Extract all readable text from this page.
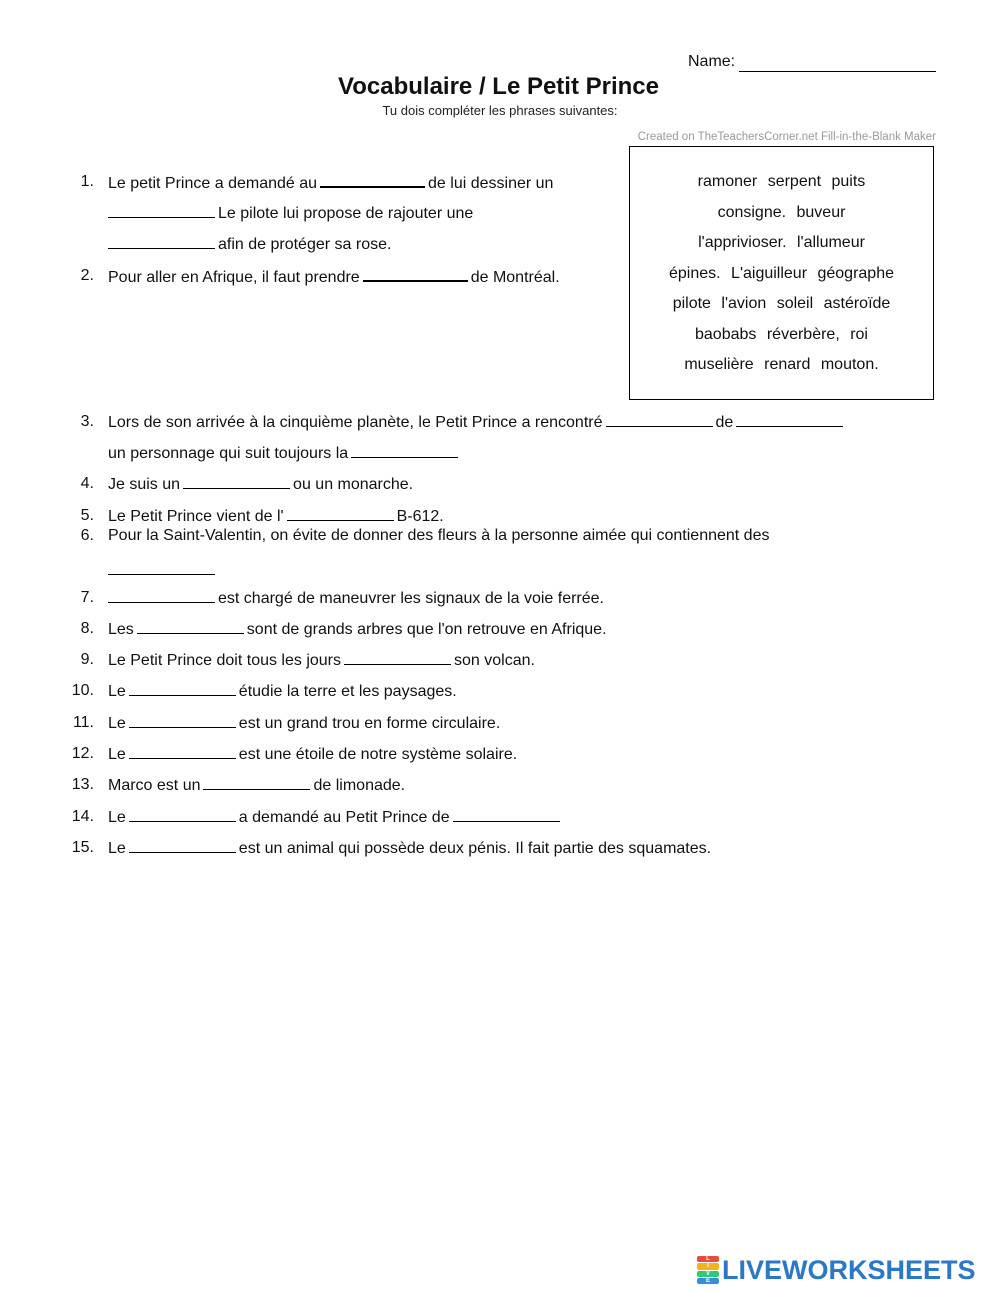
Name:
Vocabulaire / Le Petit Prince
Tu dois compléter les phrases suivantes:
Created on TheTeachersCorner.net Fill-in-the-Blank Maker
ramoner serpent puits
consigne. buveur
l'apprivioser. l'allumeur
épines. L'aiguilleur géographe
pilote l'avion soleil astéroïde
baobabs réverbère, roi
muselière renard mouton.
1. Le petit Prince a demandé au	de lui dessiner un
Le pilote lui propose de rajouter une
afin de protéger sa rose.
2. Pour aller en Afrique, il faut prendre	de Montréal.
3. Lors de son arrivée à la cinquième planète, le Petit Prince a rencontré	de
un personnage qui suit toujours la
4. Je suis un	ou un monarche.
5. Le Petit Prince vient de l'	B-612.
6. Pour la Saint-Valentin, on évite de donner des fleurs à la personne aimée qui contiennent des
7.	est chargé de maneuvrer les signaux de la voie ferrée.
8. Les	sont de grands arbres que l'on retrouve en Afrique.
9. Le Petit Prince doit tous les jours	son volcan.
10. Le	étudie la terre et les paysages.
11. Le	est un grand trou en forme circulaire.
12. Le	est une étoile de notre système solaire.
13. Marco est un	de limonade.
14. Le	a demandé au Petit Prince de
15. Le	est un animal qui possède deux pénis. Il fait partie des squamates.
L
I
V
E LIVEWORKSHEETS
